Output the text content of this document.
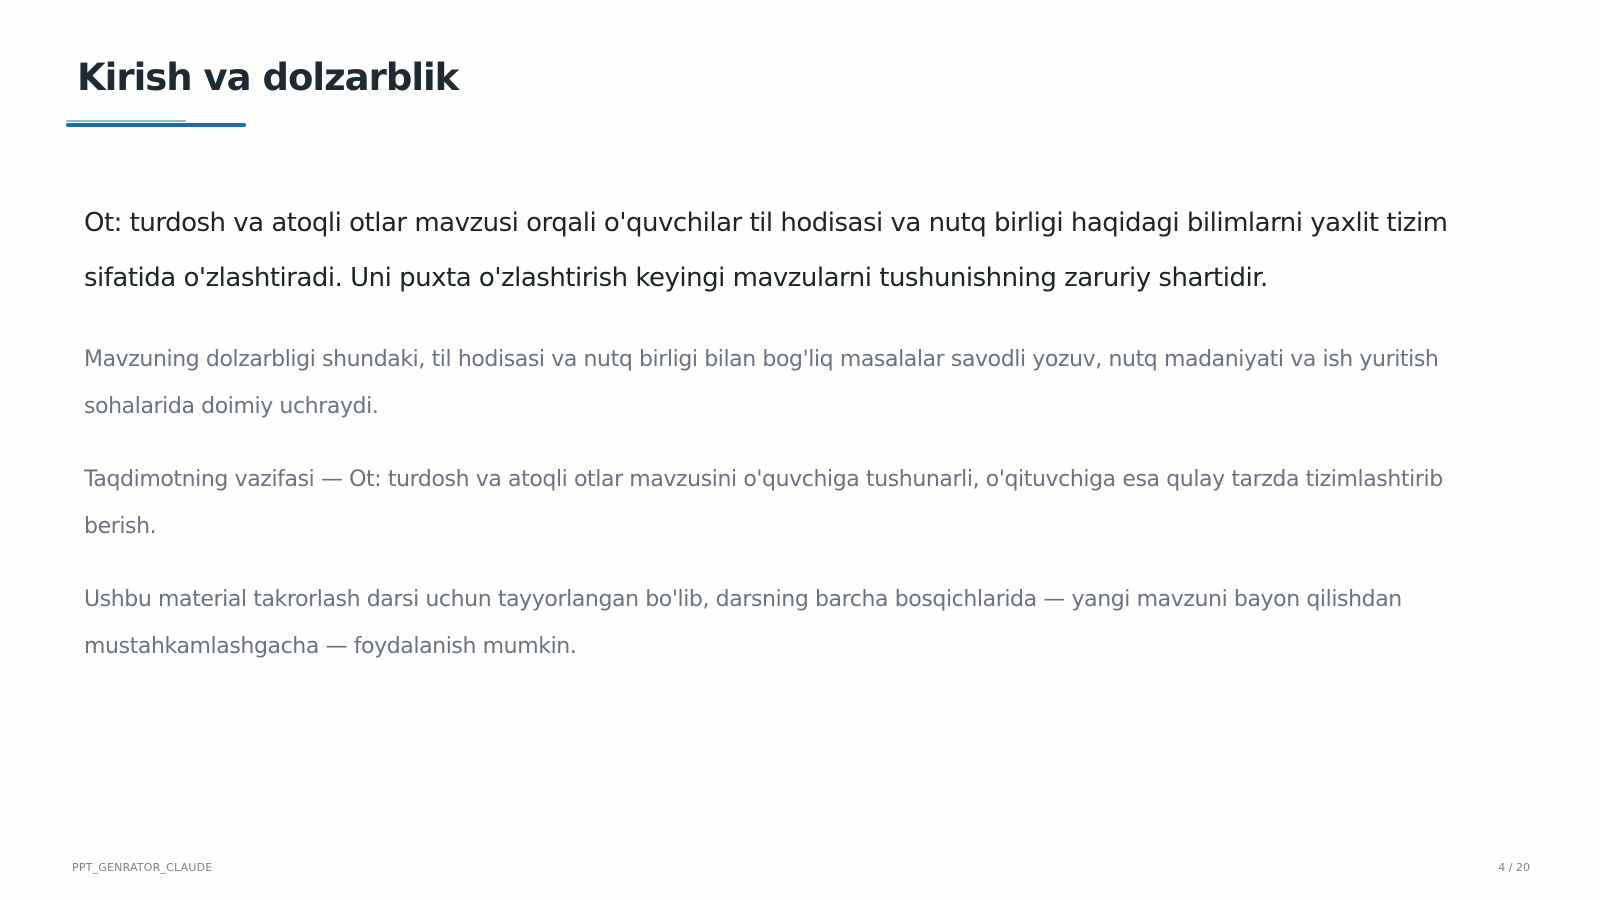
Kirish va dolzarblik

Ot: turdosh va atoqli otlar mavzusi orqali o'quvchilar til hodisasi va nutq birligi haqidagi bilimlarni yaxlit tizim sifatida o'zlashtiradi. Uni puxta o'zlashtirish keyingi mavzularni tushunishning zaruriy shartidir.

Mavzuning dolzarbligi shundaki, til hodisasi va nutq birligi bilan bog'liq masalalar savodli yozuv, nutq madaniyati va ish yuritish sohalarida doimiy uchraydi.

Taqdimotning vazifasi — Ot: turdosh va atoqli otlar mavzusini o'quvchiga tushunarli, o'qituvchiga esa qulay tarzda tizimlashtirib berish.

Ushbu material takrorlash darsi uchun tayyorlangan bo'lib, darsning barcha bosqichlarida — yangi mavzuni bayon qilishdan mustahkamlashgacha — foydalanish mumkin.

PPT_GENRATOR_CLAUDE	4 / 20
